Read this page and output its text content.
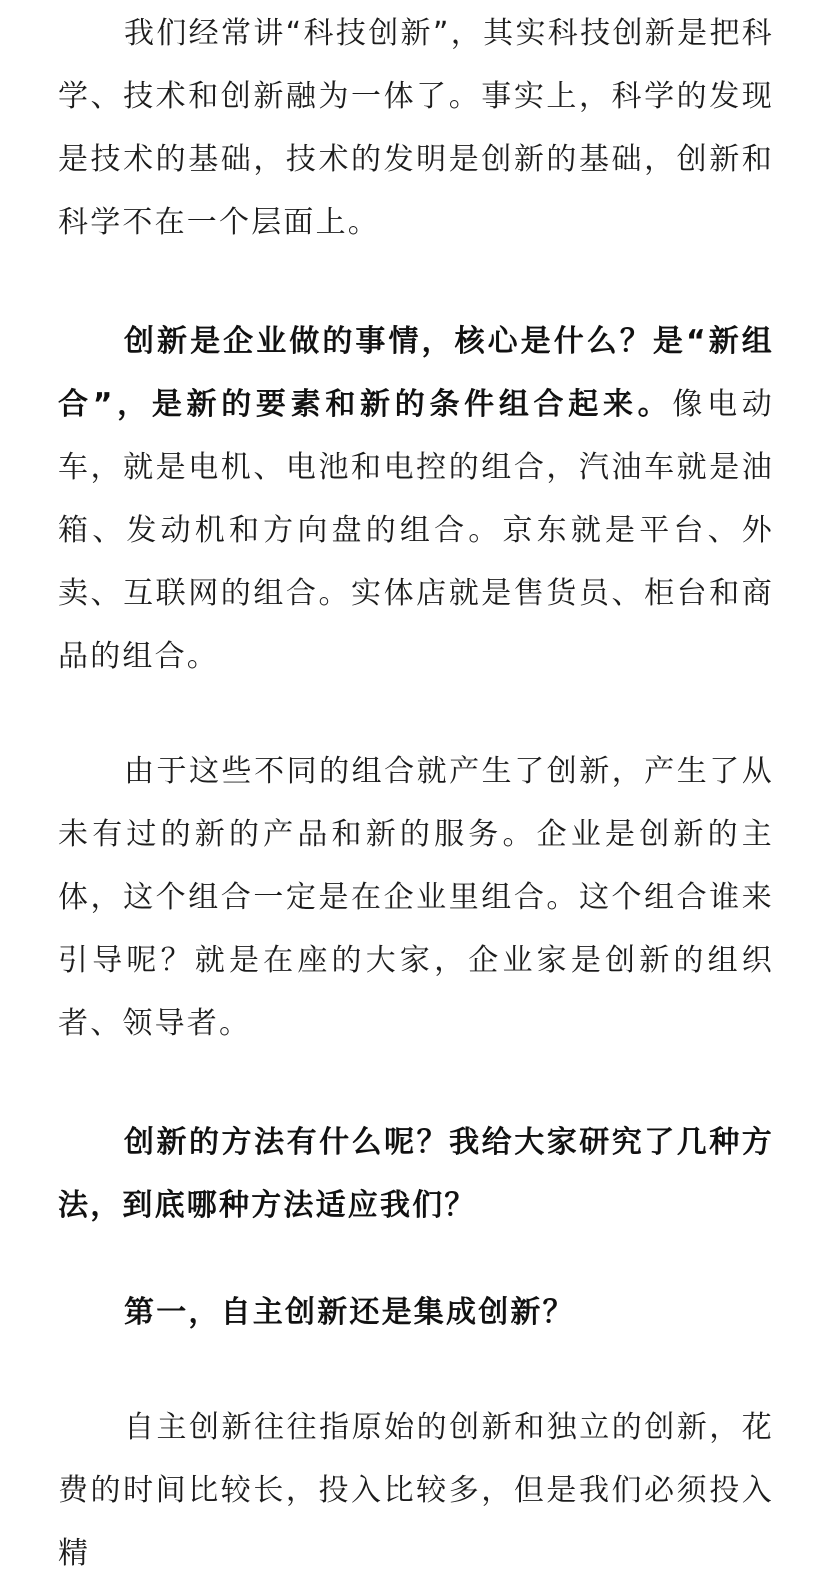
我们经常讲“科技创新”，其实科技创新是把科学、技术和创新融为一体了。事实上，科学的发现是技术的基础，技术的发明是创新的基础，创新和科学不在一个层面上。

创新是企业做的事情，核心是什么？是“新组合”，是新的要素和新的条件组合起来。像电动车，就是电机、电池和电控的组合，汽油车就是油箱、发动机和方向盘的组合。京东就是平台、外卖、互联网的组合。实体店就是售货员、柜台和商品的组合。

由于这些不同的组合就产生了创新，产生了从未有过的新的产品和新的服务。企业是创新的主体，这个组合一定是在企业里组合。这个组合谁来引导呢？就是在座的大家，企业家是创新的组织者、领导者。

创新的方法有什么呢？我给大家研究了几种方法，到底哪种方法适应我们？

第一，自主创新还是集成创新？

自主创新往往指原始的创新和独立的创新，花费的时间比较长，投入比较多，但是我们必须投入精
